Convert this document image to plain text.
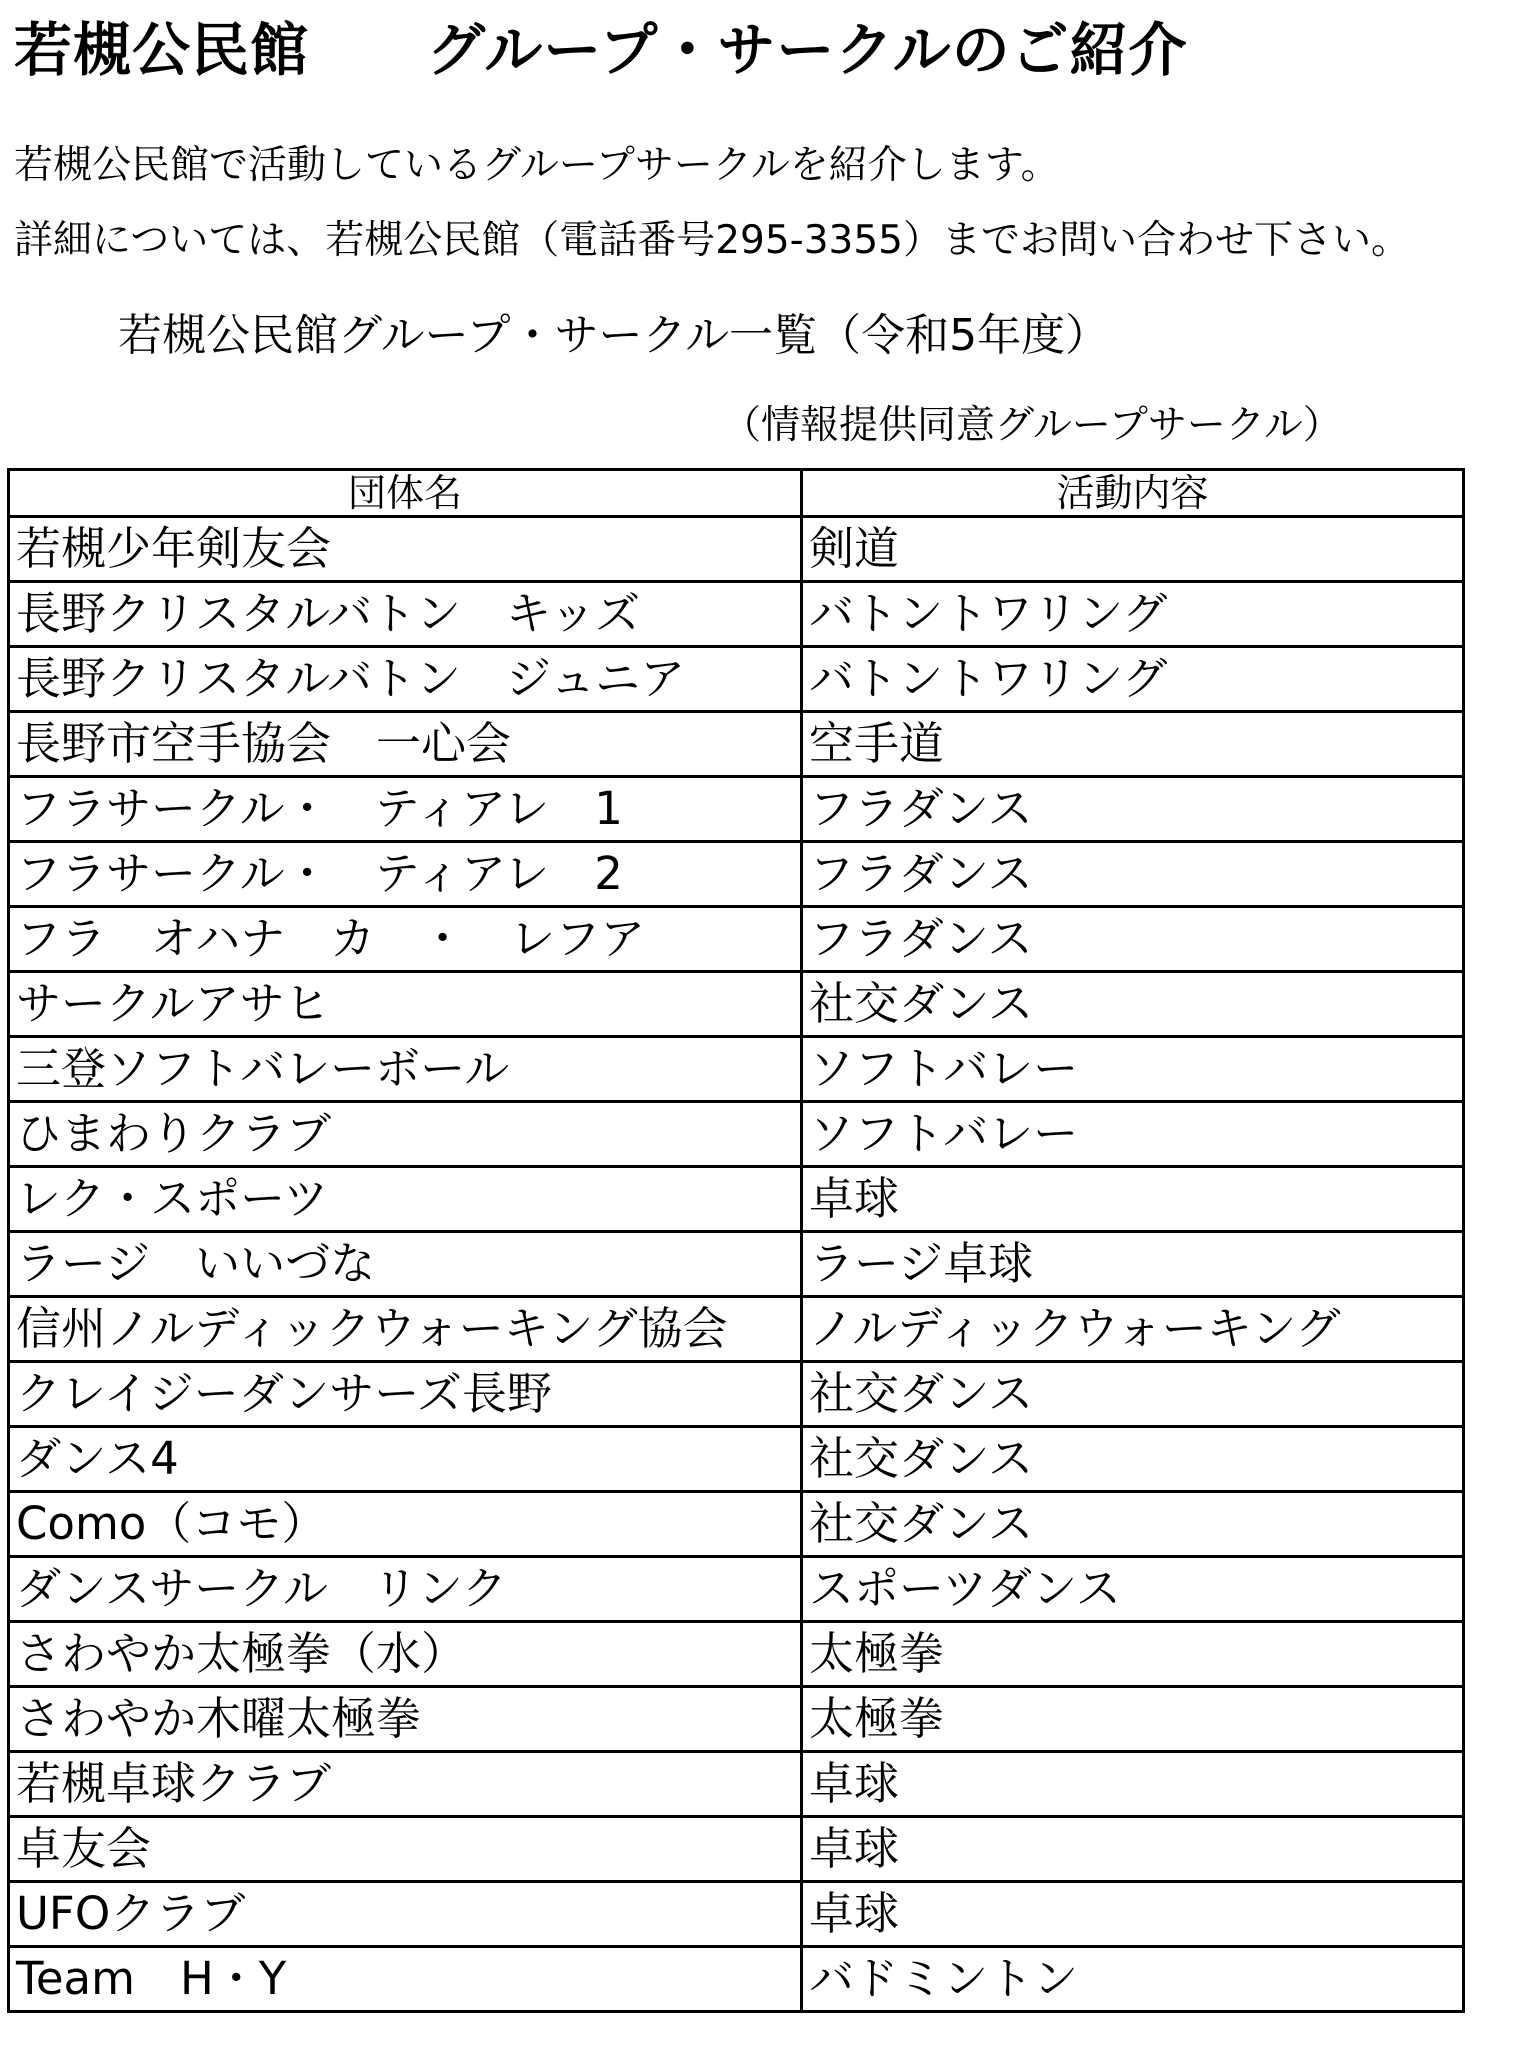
若槻公民館　　グループ・サークルのご紹介
若槻公民館で活動しているグループサークルを紹介します。
詳細については、若槻公民館（電話番号295-3355）までお問い合わせ下さい。
若槻公民館グループ・サークル一覧（令和5年度）
（情報提供同意グループサークル）
団体名	活動内容
若槻少年剣友会	剣道
長野クリスタルバトン　キッズ	バトントワリング
長野クリスタルバトン　ジュニア	バトントワリング
長野市空手協会　一心会	空手道
フラサークル・　ティアレ　1	フラダンス
フラサークル・　ティアレ　2	フラダンス
フラ　オハナ　カ　・　レフア	フラダンス
サークルアサヒ	社交ダンス
三登ソフトバレーボール	ソフトバレー
ひまわりクラブ	ソフトバレー
レク・スポーツ	卓球
ラージ　いいづな	ラージ卓球
信州ノルディックウォーキング協会	ノルディックウォーキング
クレイジーダンサーズ長野	社交ダンス
ダンス4	社交ダンス
Como（コモ）	社交ダンス
ダンスサークル　リンク	スポーツダンス
さわやか太極拳（水）	太極拳
さわやか木曜太極拳	太極拳
若槻卓球クラブ	卓球
卓友会	卓球
UFOクラブ	卓球
Team　H・Y	バドミントン
